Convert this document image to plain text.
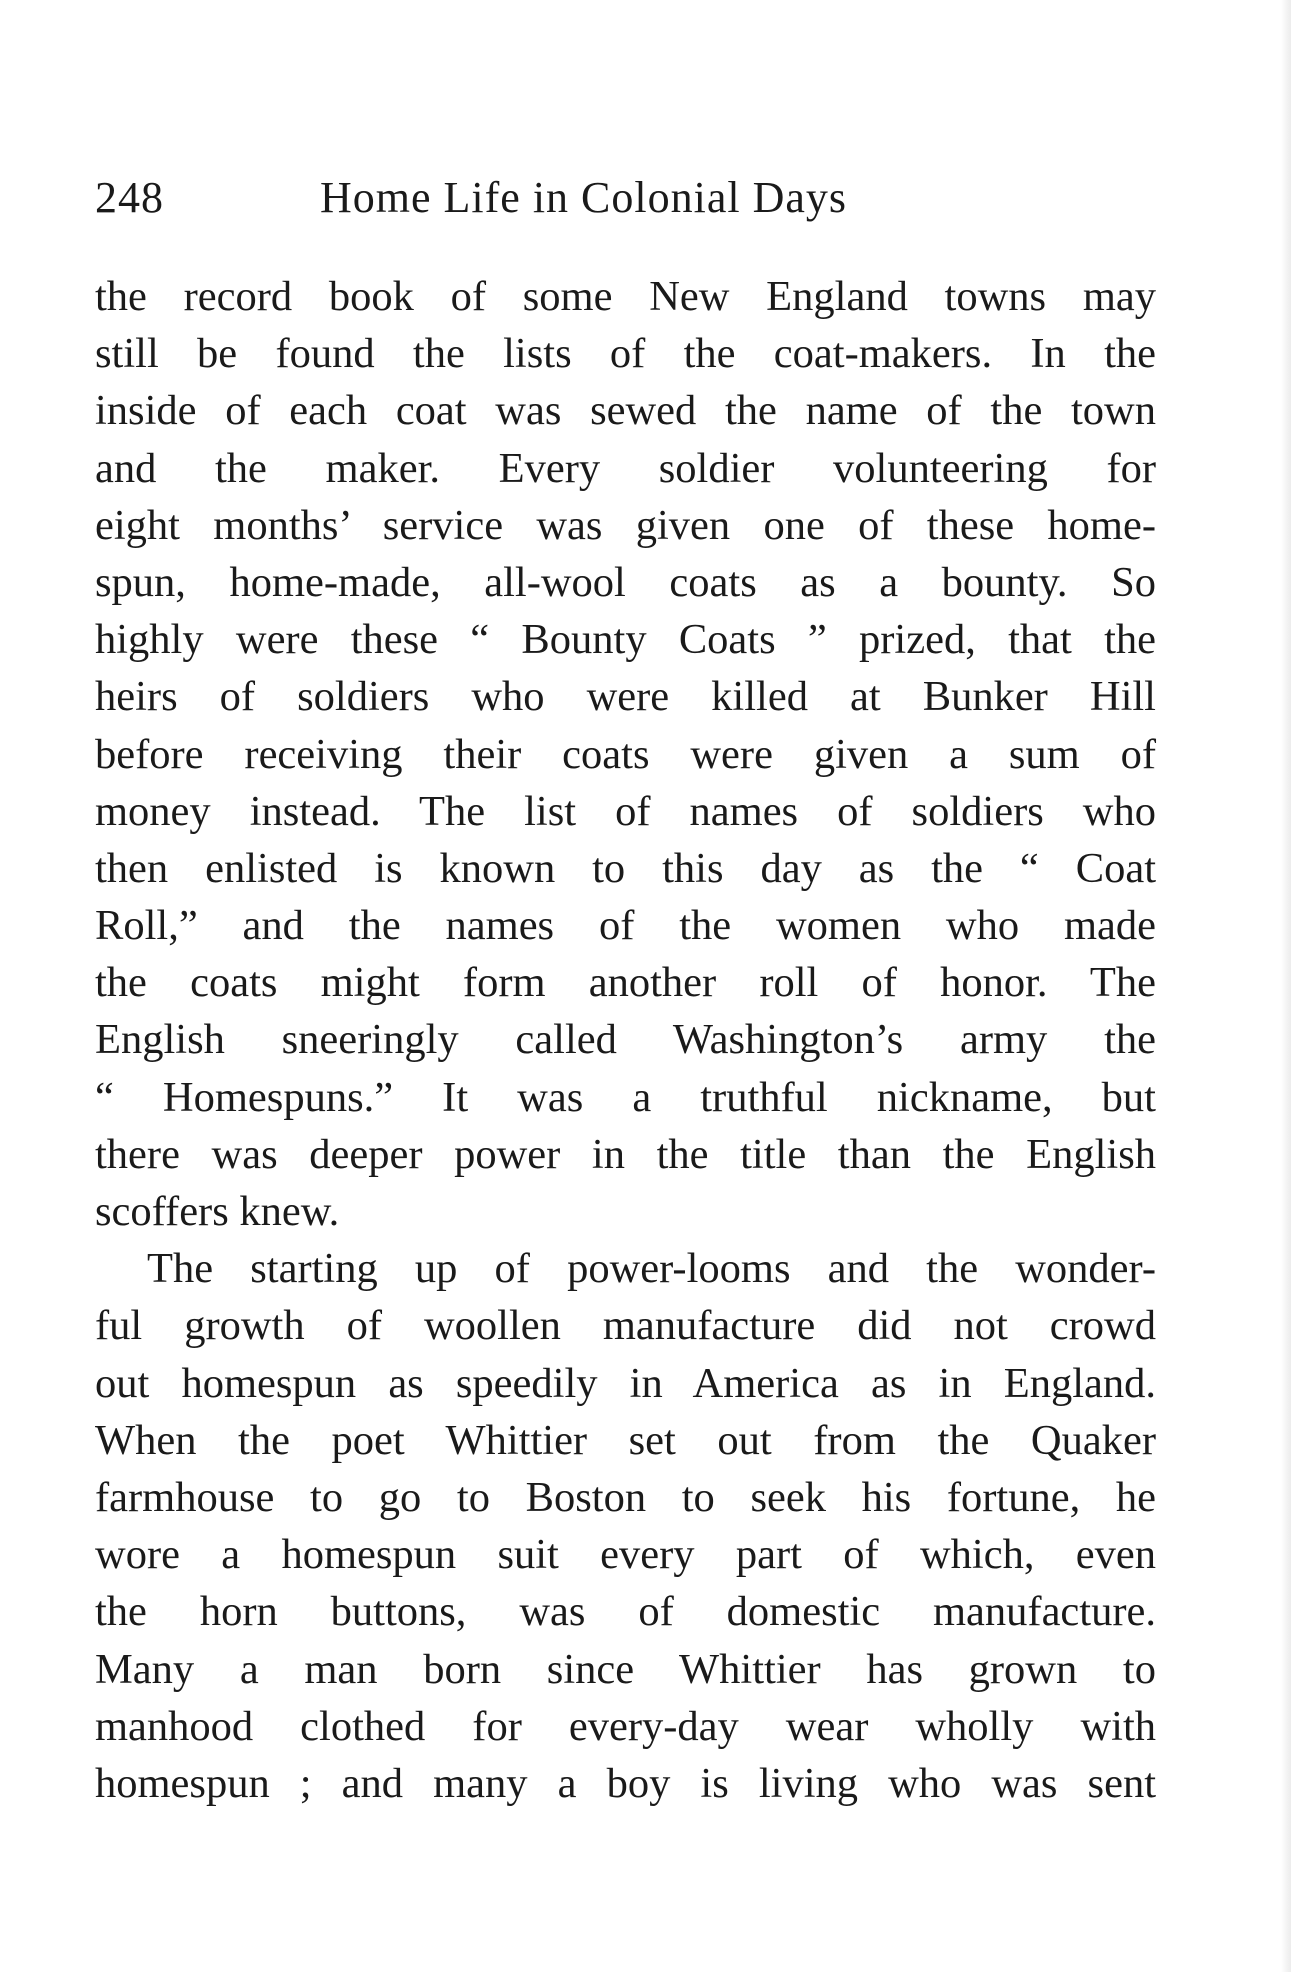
248	Home Life in Colonial Days
the record book of some New England towns may
still be found the lists of the coat-makers. In the
inside of each coat was sewed the name of the town
and the maker. Every soldier volunteering for
eight months’ service was given one of these home-
spun, home-made, all-wool coats as a bounty. So
highly were these “ Bounty Coats ” prized, that the
heirs of soldiers who were killed at Bunker Hill
before receiving their coats were given a sum of
money instead. The list of names of soldiers who
then enlisted is known to this day as the “ Coat
Roll,” and the names of the women who made
the coats might form another roll of honor. The
English sneeringly called Washington’s army the
“ Homespuns.” It was a truthful nickname, but
there was deeper power in the title than the English
scoffers knew.
The starting up of power-looms and the wonder-
ful growth of woollen manufacture did not crowd
out homespun as speedily in America as in England.
When the poet Whittier set out from the Quaker
farmhouse to go to Boston to seek his fortune, he
wore a homespun suit every part of which, even
the horn buttons, was of domestic manufacture.
Many a man born since Whittier has grown to
manhood clothed for every-day wear wholly with
homespun ; and many a boy is living who was sent
